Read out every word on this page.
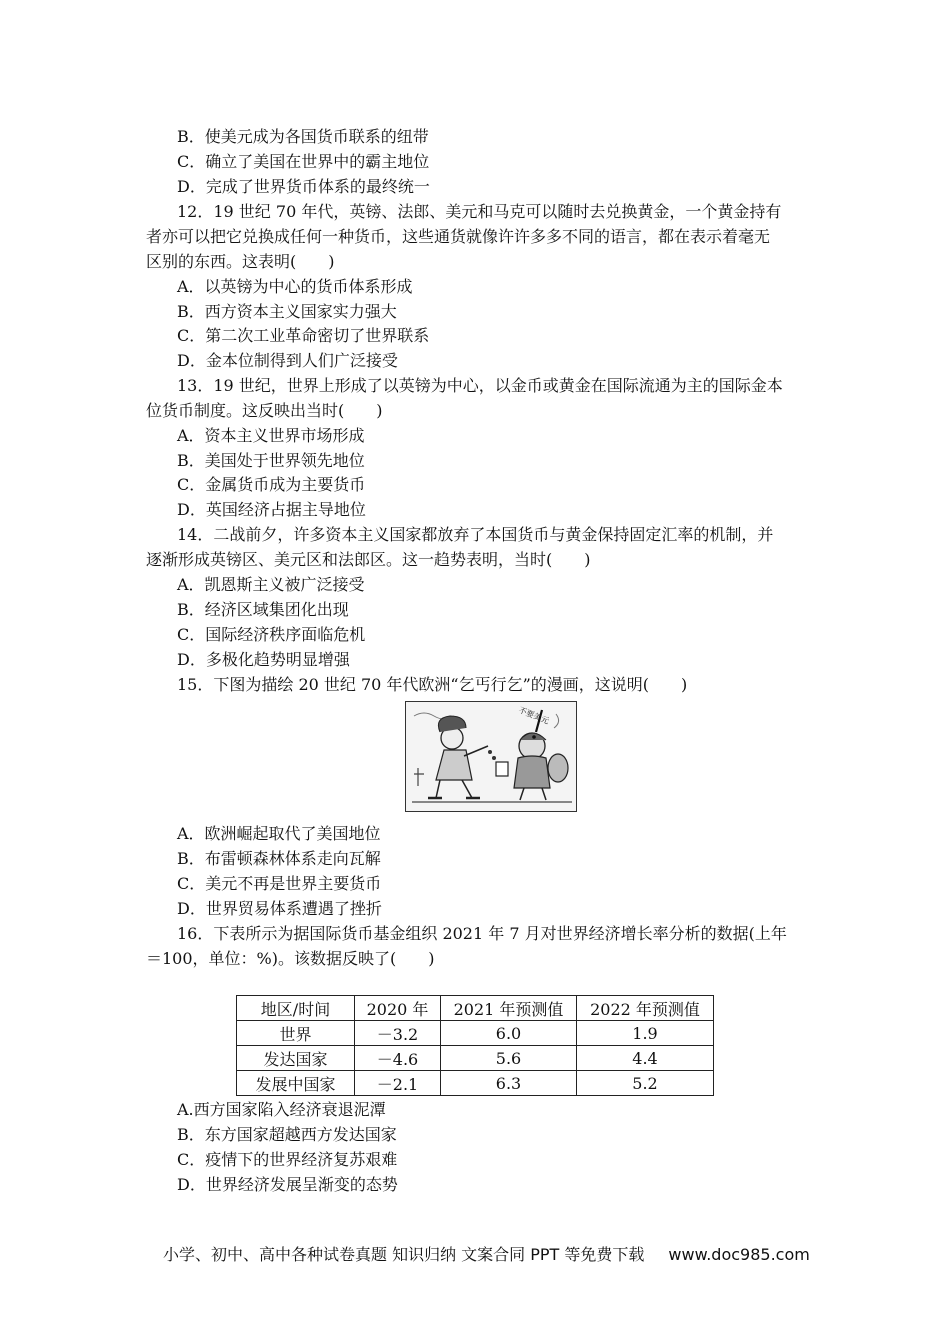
B．使美元成为各国货币联系的纽带
C．确立了美国在世界中的霸主地位
D．完成了世界货币体系的最终统一
12．19 世纪 70 年代，英镑、法郎、美元和马克可以随时去兑换黄金，一个黄金持有
者亦可以把它兑换成任何一种货币，这些通货就像许许多多不同的语言，都在表示着毫无
区别的东西。这表明(　　)
A．以英镑为中心的货币体系形成
B．西方资本主义国家实力强大
C．第二次工业革命密切了世界联系
D．金本位制得到人们广泛接受
13．19 世纪，世界上形成了以英镑为中心，以金币或黄金在国际流通为主的国际金本
位货币制度。这反映出当时(　　)
A．资本主义世界市场形成
B．美国处于世界领先地位
C．金属货币成为主要货币
D．英国经济占据主导地位
14．二战前夕，许多资本主义国家都放弃了本国货币与黄金保持固定汇率的机制，并
逐渐形成英镑区、美元区和法郎区。这一趋势表明，当时(　　)
A．凯恩斯主义被广泛接受
B．经济区域集团化出现
C．国际经济秩序面临危机
D．多极化趋势明显增强
15．下图为描绘 20 世纪 70 年代欧洲“乞丐行乞”的漫画，这说明(　　)
不要美元
A．欧洲崛起取代了美国地位
B．布雷顿森林体系走向瓦解
C．美元不再是世界主要货币
D．世界贸易体系遭遇了挫折
16．下表所示为据国际货币基金组织 2021 年 7 月对世界经济增长率分析的数据(上年
＝100，单位：%)。该数据反映了(　　)
地区/时间	2020 年	2021 年预测值	2022 年预测值
世界	－3.2	6.0	1.9
发达国家	－4.6	5.6	4.4
发展中国家	－2.1	6.3	5.2
A.西方国家陷入经济衰退泥潭
B．东方国家超越西方发达国家
C．疫情下的世界经济复苏艰难
D．世界经济发展呈渐变的态势
小学、初中、高中各种试卷真题 知识归纳 文案合同 PPT 等免费下载 www.doc985.com
